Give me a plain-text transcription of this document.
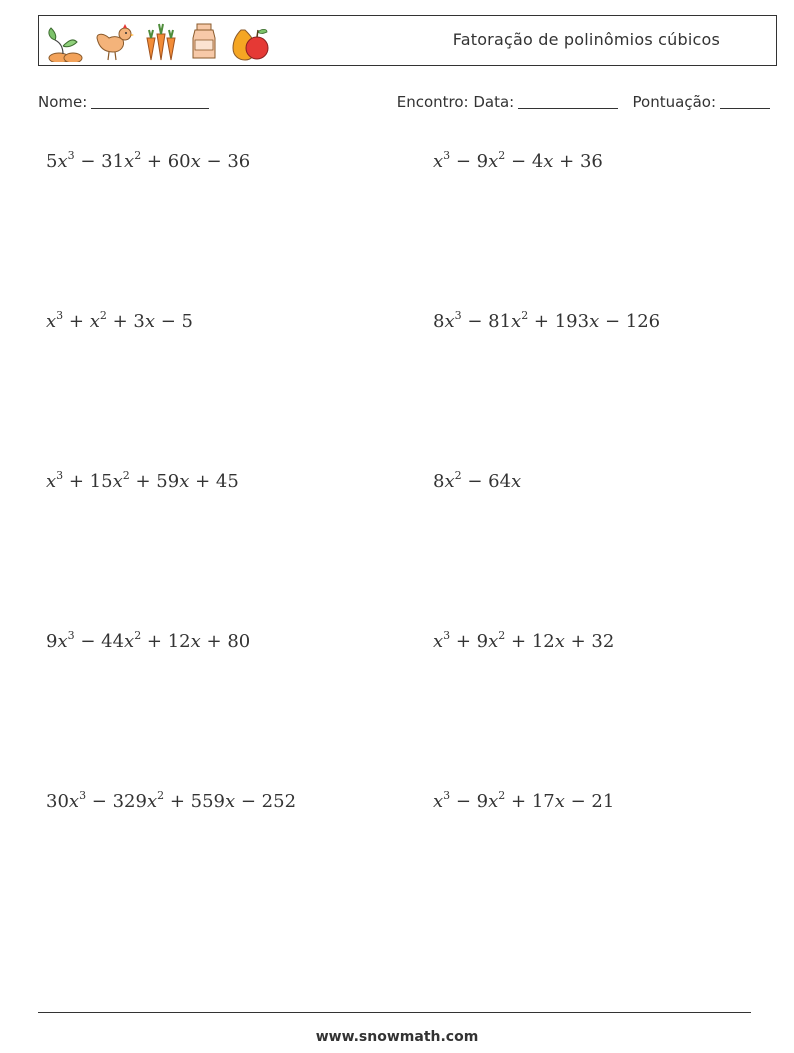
Fatoração de polinômios cúbicos
Nome:	Encontro: Data:	Pontuação:
$5x^3 - 31x^2 + 60x - 36$	$x^3 - 9x^2 - 4x + 36$
$x^3 + x^2 + 3x - 5$	$8x^3 - 81x^2 + 193x - 126$
$x^3 + 15x^2 + 59x + 45$	$8x^2 - 64x$
$9x^3 - 44x^2 + 12x + 80$	$x^3 + 9x^2 + 12x + 32$
$30x^3 - 329x^2 + 559x - 252$	$x^3 - 9x^2 + 17x - 21$
www.snowmath.com
